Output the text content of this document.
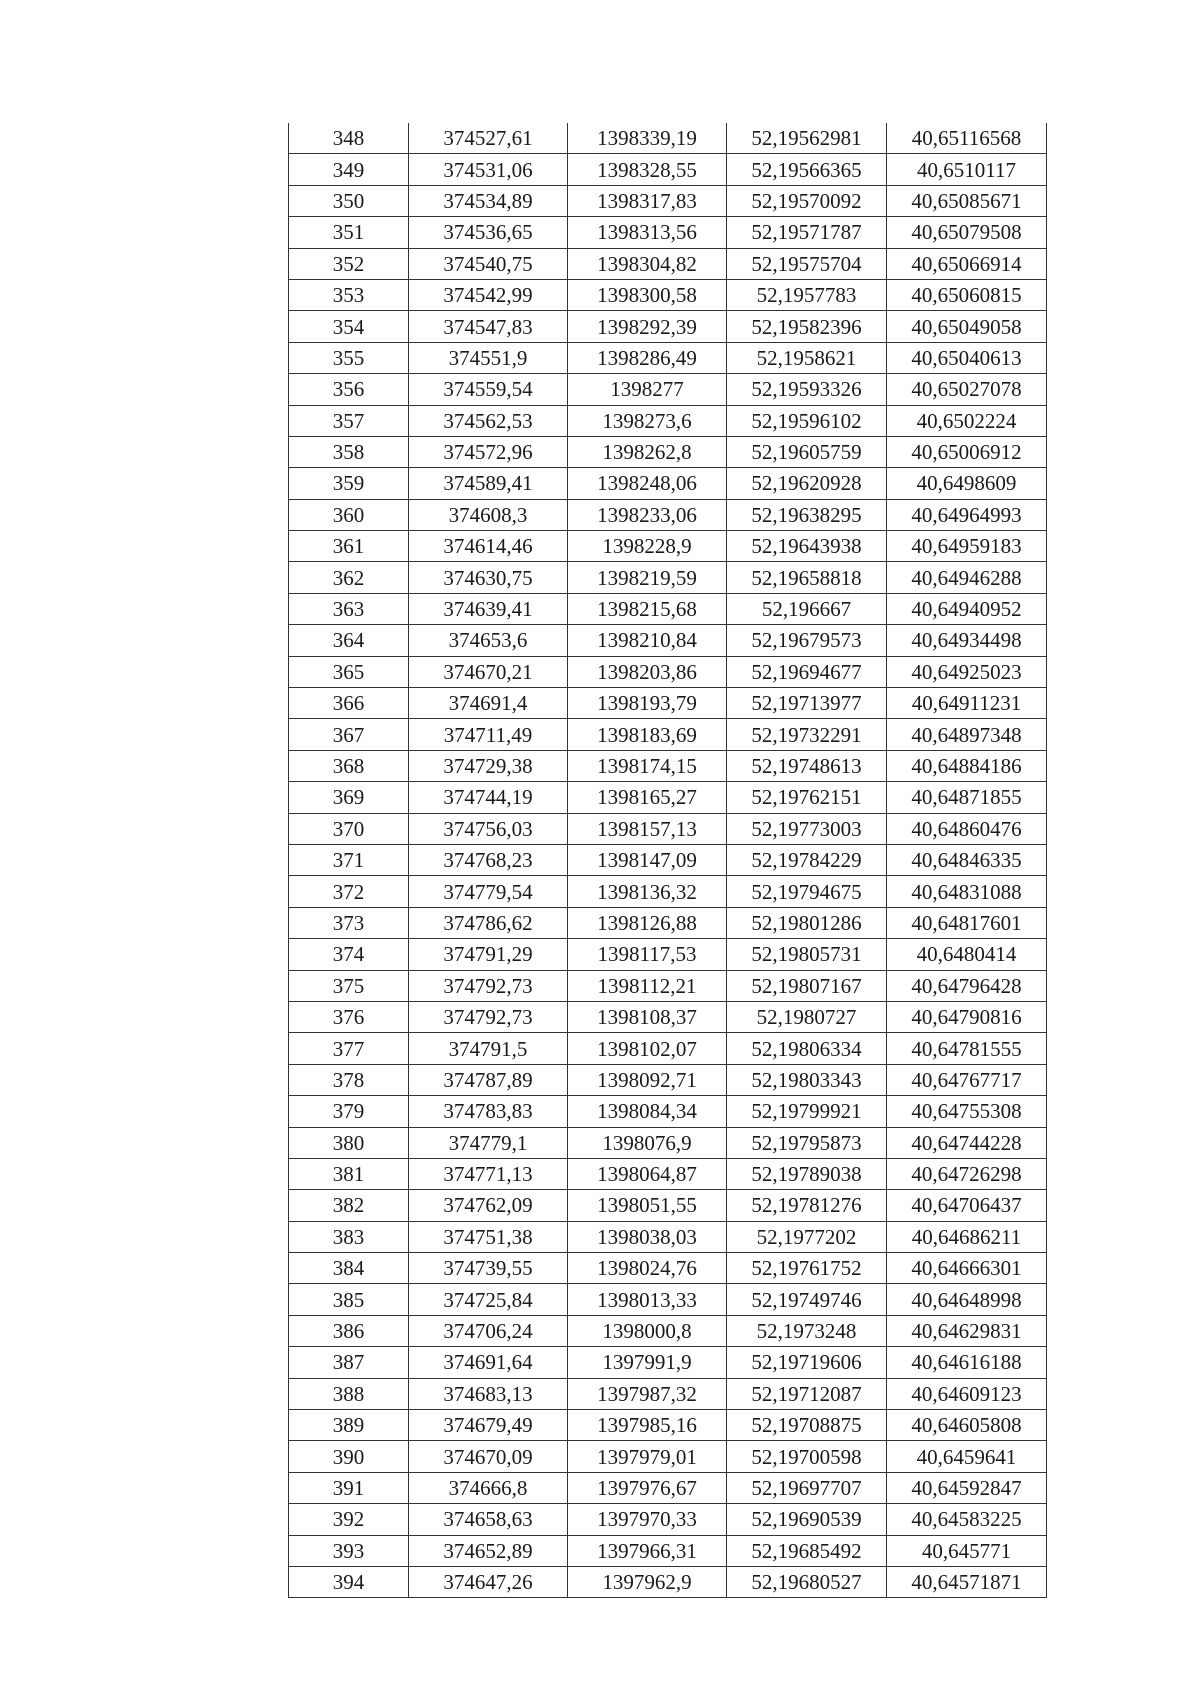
348	374527,61	1398339,19	52,19562981	40,65116568
349	374531,06	1398328,55	52,19566365	40,6510117
350	374534,89	1398317,83	52,19570092	40,65085671
351	374536,65	1398313,56	52,19571787	40,65079508
352	374540,75	1398304,82	52,19575704	40,65066914
353	374542,99	1398300,58	52,1957783	40,65060815
354	374547,83	1398292,39	52,19582396	40,65049058
355	374551,9	1398286,49	52,1958621	40,65040613
356	374559,54	1398277	52,19593326	40,65027078
357	374562,53	1398273,6	52,19596102	40,6502224
358	374572,96	1398262,8	52,19605759	40,65006912
359	374589,41	1398248,06	52,19620928	40,6498609
360	374608,3	1398233,06	52,19638295	40,64964993
361	374614,46	1398228,9	52,19643938	40,64959183
362	374630,75	1398219,59	52,19658818	40,64946288
363	374639,41	1398215,68	52,196667	40,64940952
364	374653,6	1398210,84	52,19679573	40,64934498
365	374670,21	1398203,86	52,19694677	40,64925023
366	374691,4	1398193,79	52,19713977	40,64911231
367	374711,49	1398183,69	52,19732291	40,64897348
368	374729,38	1398174,15	52,19748613	40,64884186
369	374744,19	1398165,27	52,19762151	40,64871855
370	374756,03	1398157,13	52,19773003	40,64860476
371	374768,23	1398147,09	52,19784229	40,64846335
372	374779,54	1398136,32	52,19794675	40,64831088
373	374786,62	1398126,88	52,19801286	40,64817601
374	374791,29	1398117,53	52,19805731	40,6480414
375	374792,73	1398112,21	52,19807167	40,64796428
376	374792,73	1398108,37	52,1980727	40,64790816
377	374791,5	1398102,07	52,19806334	40,64781555
378	374787,89	1398092,71	52,19803343	40,64767717
379	374783,83	1398084,34	52,19799921	40,64755308
380	374779,1	1398076,9	52,19795873	40,64744228
381	374771,13	1398064,87	52,19789038	40,64726298
382	374762,09	1398051,55	52,19781276	40,64706437
383	374751,38	1398038,03	52,1977202	40,64686211
384	374739,55	1398024,76	52,19761752	40,64666301
385	374725,84	1398013,33	52,19749746	40,64648998
386	374706,24	1398000,8	52,1973248	40,64629831
387	374691,64	1397991,9	52,19719606	40,64616188
388	374683,13	1397987,32	52,19712087	40,64609123
389	374679,49	1397985,16	52,19708875	40,64605808
390	374670,09	1397979,01	52,19700598	40,6459641
391	374666,8	1397976,67	52,19697707	40,64592847
392	374658,63	1397970,33	52,19690539	40,64583225
393	374652,89	1397966,31	52,19685492	40,645771
394	374647,26	1397962,9	52,19680527	40,64571871
